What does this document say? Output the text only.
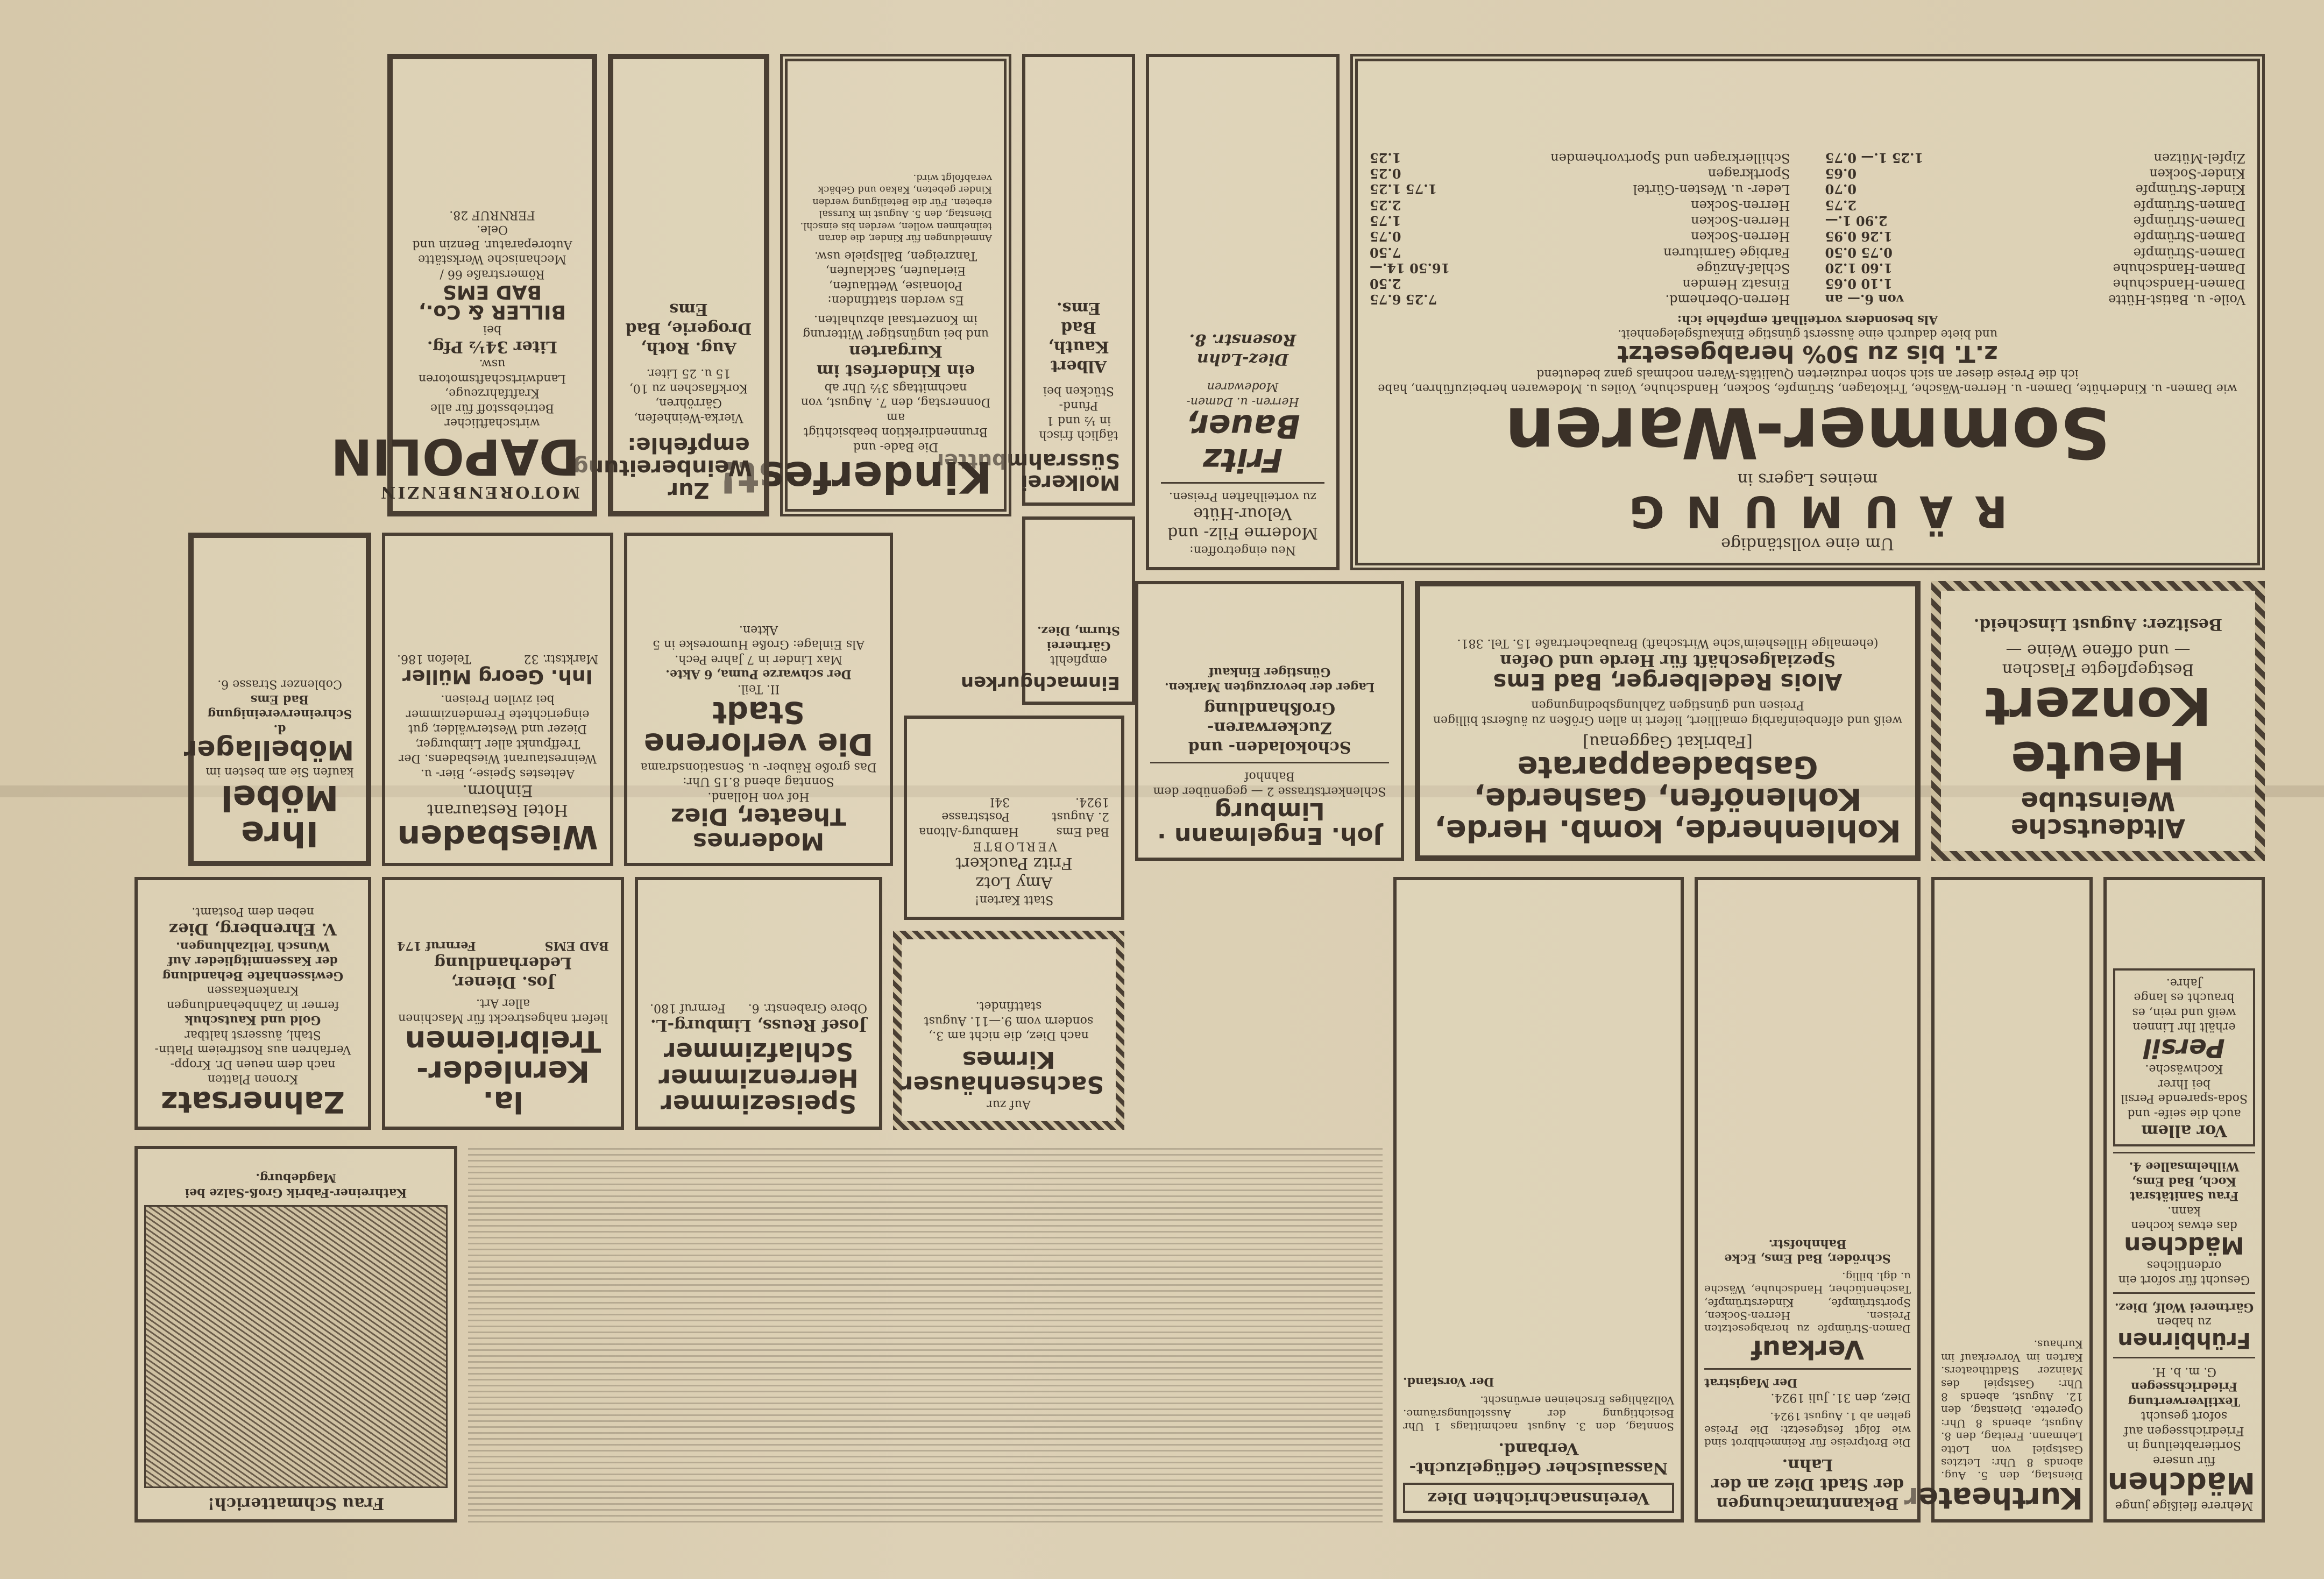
Um eine vollständige
RÄUMUNG
meines Lagers in
Sommer-Waren
wie Damen- u. Kinderhüte, Damen- u. Herren-Wäsche, Trikotagen, Strümpfe, Socken, Handschuhe, Voiles u. Modewaren herbeizuführen, habe ich die Preise dieser an sich schon reduzierten Qualitäts-Waren nochmals ganz bedeutend
z.T. bis zu 50% herabgesetzt
und biete dadurch eine äusserst günstige Einkaufsgelegenheit.
Als besonders vorteilhaft empfehle ich:
Voile- u. Batist-Hütte
von 6.— an
Damen-Handschuhe
1.10 0.65
Damen-Handschuhe
1.60 1.20
Damen-Strümpfe
0.75 0.50
Damen-Strümpfe
1.26 0.95
Damen-Strümpfe
2.90 1.—
Damen-Strümpfe
2.75
Kinder-Strümpfe
0.70
Kinder-Socken
0.65
Zipfel-Mützen
1.25 1.— 0.75
Herren-Oberhemd.
7.25 6.75
Einsatz Hemden
2.50
Schlaf-Anzüge
16.50 14.—
Farbige Garnituren
7.50
Herren-Socken
0.75
Herren-Socken
1.75
Herren-Socken
2.25
Leder- u. Westen-Gürtel
1.75 1.25
Sportkragen
0.25
Schillerkragen und Sportvorhemden
1.25
Neu eingetroffen:
Moderne Filz- und Velour-Hüte
zu vorteilhaften Preisen.
Fritz Bauer,
Herren- u. Damen-Modewaren
Diez-Lahn
Rosenstr. 8.
Molkerei Süssrahmbutter
täglich frisch in ½ und 1 Pfund-Stücken bei
Albert Kauth, Bad Ems.
Einmachgurken
empfiehlt
Gärtnerei Sturm, Diez.
Kinderfest!
Die Bade- und Brunnendirektion beabsichtigt am
Donnerstag, den 7. August, von nachmittags 3½ Uhr ab
ein Kinderfest im Kurgarten
und bei ungünstiger Witterung im Konzertsaal abzuhalten.
Es werden stattfinden: Polonaise, Wettlaufen, Eierlaufen, Sacklaufen, Tanzreigen, Ballspiele usw.
Anmeldungen für Kinder, die daran teilnehmen wollen, werden bis einschl. Dienstag, den 5. August im Kurssal erbeten. Für die Beteiligung werden Kinder gebeten, Kakao und Gebäck verabfolgt wird.
Zur Weinbereitung empfehle:
Vierka-Weinhefen, Gärröhren, Korkflaschen zu 10, 15 u. 25 Liter.
Aug. Roth, Drogerie, Bad Ems
MOTORENBENZIN
DAPOLIN
wirtschaftlicher Betriebsstoff für alle Kraftfahrzeuge, Landwirtschaftsmotoren usw.
Liter 34½ Pfg.
bei
BILLER & Co., BAD EMS
Römerstraße 66 / Mechanische Werkstätte
Autoreparatur. Benzin und Oele.
FERNRUF 28.
Altdeutsche Weinstube
Heute Konzert
Bestgepflegte Flaschen
— und offene Weine —
Besitzer: August Linscheid.
Kohlenherde, komb. Herde,
Kohlenöfen, Gasherde,
Gasbadeapparate
[Fabrikat Gaggenau]
weiß und elfenbeinfarbig emailliert, liefert in allen Größen zu äußerst billigen Preisen und günstigen Zahlungsbedingungen
Alois Redelberger, Bad Ems
Spezialgeschäft für Herde und Oefen
(ehemalige Hillesheim'sche Wirtschaft) Braubachertraße 15. Tel. 381.
Joh. Engelmann · Limburg
Schlenkertstrasse 2 — gegenüber dem Bahnhof
Schokoladen- und Zuckerwaren-Großhandlung
Lager der bevorzugten Marken.
Günstiger Einkauf
Statt Karten!
Amy Lotz
Fritz Pauckert
VERLOBTE
Bad Ems
Hamburg-Altona
2. August 1924.
Poststrasse 34I
Modernes Theater, Diez
Hof von Holland.
Sonntag abend 8.15 Uhr:
Das große Räuber- u. Sensationsdrama
Die verlorene Stadt
II. Teil.
Der schwarze Puma, 6 Akte.
Max Linder in 7 Jahre Pech.
Als Einlage: Große Humoreske in 5 Akten.
Wiesbaden
Hotel Restaurant Einhorn.
Aeltestes Speise-, Bier- u. Weinrestaurant Wiesbadens. Der Treffpunkt aller Limburger, Diezer und Westerwälder, gut eingerichtete Fremdenzimmer bei zivilen Preisen.
Inh. Georg Müller
Marktstr. 32
Telefon 186.
Ihre Möbel
kaufen Sie am besten im
Möbellager
d. Schreinervereinigung Bad Ems
Coblenzer Strasse 6.
Auf zur
Sachsenhäuser Kirmes
nach Diez, die nicht am 3., sondern vom 9.—11. August stattfindet.
Speisezimmer
Herrenzimmer
Schlafzimmer
Josef Reuss, Limburg-L.
Obere Grabenstr. 6.
Fernruf 180.
la. Kernleder-Treibriemen
liefert nahgestreckt für Maschinen aller Art.
Jos. Diener, Lederhandlung
BAD EMS
Fernruf 174
Zahnersatz
Kronen Platten
nach dem neuen Dr. Kropp-Verfahren aus Rostfreiem Platin-Stahl, äusserst haltbar
Gold und Kautschuk
ferner in Zahnbehandlungen Krankenkassen
Gewissenhafte Behandlung der Kassenmitglieder Auf Wunsch Teilzahlungen.
V. Ehrenberg, Diez
neben dem Postamt.
Mehrere fleißige junge
Mädchen
für unsere Sortierabteilung in Friedrichssegen auf sofort gesucht
Textilverwertung Friedrichssegen
G. m. b. H.
Frühbirnen
zu haben
Gärtnerei Wolf, Diez.
Gesucht für sofort ein ordentliches
Mädchen
das etwas kochen kann.
Frau Sanitätsrat Koch, Bad Ems, Wilhelmsallee 4.
Vor allem
auch die seife- und Soda-sparende Persil bei Ihrer Kochwäsche.
Persil
erhält Ihr Linnen weiß und rein, es braucht es lange Jahre.
Kurtheater
Dienstag, den 5. Aug. abends 8 Uhr: Letztes Gastspiel von Lotte Lehmann. Freitag, den 8. August, abends 8 Uhr: Operette. Dienstag, den 12. August, abends 8 Uhr: Gastspiel des Mainzer Stadttheaters. Karten im Vorverkauf im Kurhaus.
Bekanntmachungen der Stadt Diez an der Lahn.
Die Brotpreise für Reinmehlbrot sind wie folgt festgesetzt: Die Preise gelten ab 1. August 1924.
Diez, den 31. Juli 1924.
Der Magistrat
Verkauf
Damen-Strümpfe zu herabgesetzten Preisen. Herren-Socken, Sportstrümpfe, Kinderstrümpfe, Taschentücher, Handschuhe, Wäsche u. dgl. billig.
Schröder, Bad Ems, Ecke Bahnhofstr.
Vereinsnachrichten Diez
Nassauischer Geflügelzucht-Verband.
Sonntag, den 3. August nachmittags 1 Uhr Besichtigung der Ausstellungsräume. Vollzähliges Erscheinen erwünscht.
Der Vorstand.
Frau Schmatterich!
Kathreiner-Fabrik Groß-Salze bei Magdeburg.
